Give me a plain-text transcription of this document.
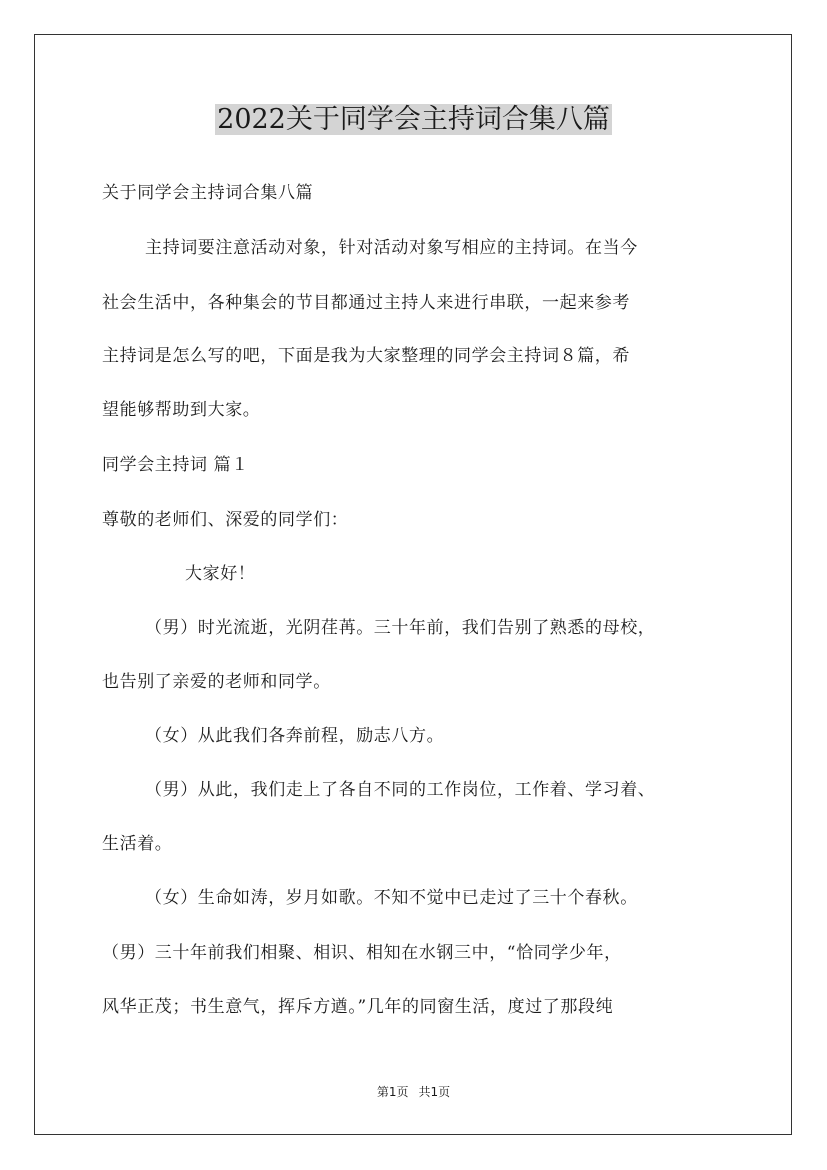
2022关于同学会主持词合集八篇
关于同学会主持词合集八篇
主持词要注意活动对象，针对活动对象写相应的主持词。在当今
社会生活中，各种集会的节目都通过主持人来进行串联，一起来参考
主持词是怎么写的吧，下面是我为大家整理的同学会主持词８篇，希
望能够帮助到大家。
同学会主持词 篇１
尊敬的老师们、深爱的同学们：
大家好！
（男）时光流逝，光阴荏苒。三十年前，我们告别了熟悉的母校，
也告别了亲爱的老师和同学。
（女）从此我们各奔前程，励志八方。
（男）从此，我们走上了各自不同的工作岗位，工作着、学习着、
生活着。
（女）生命如涛，岁月如歌。不知不觉中已走过了三十个春秋。
（男）三十年前我们相聚、相识、相知在水钢三中，“恰同学少年，
风华正茂；书生意气，挥斥方遒。”几年的同窗生活，度过了那段纯
第1页 共1页
